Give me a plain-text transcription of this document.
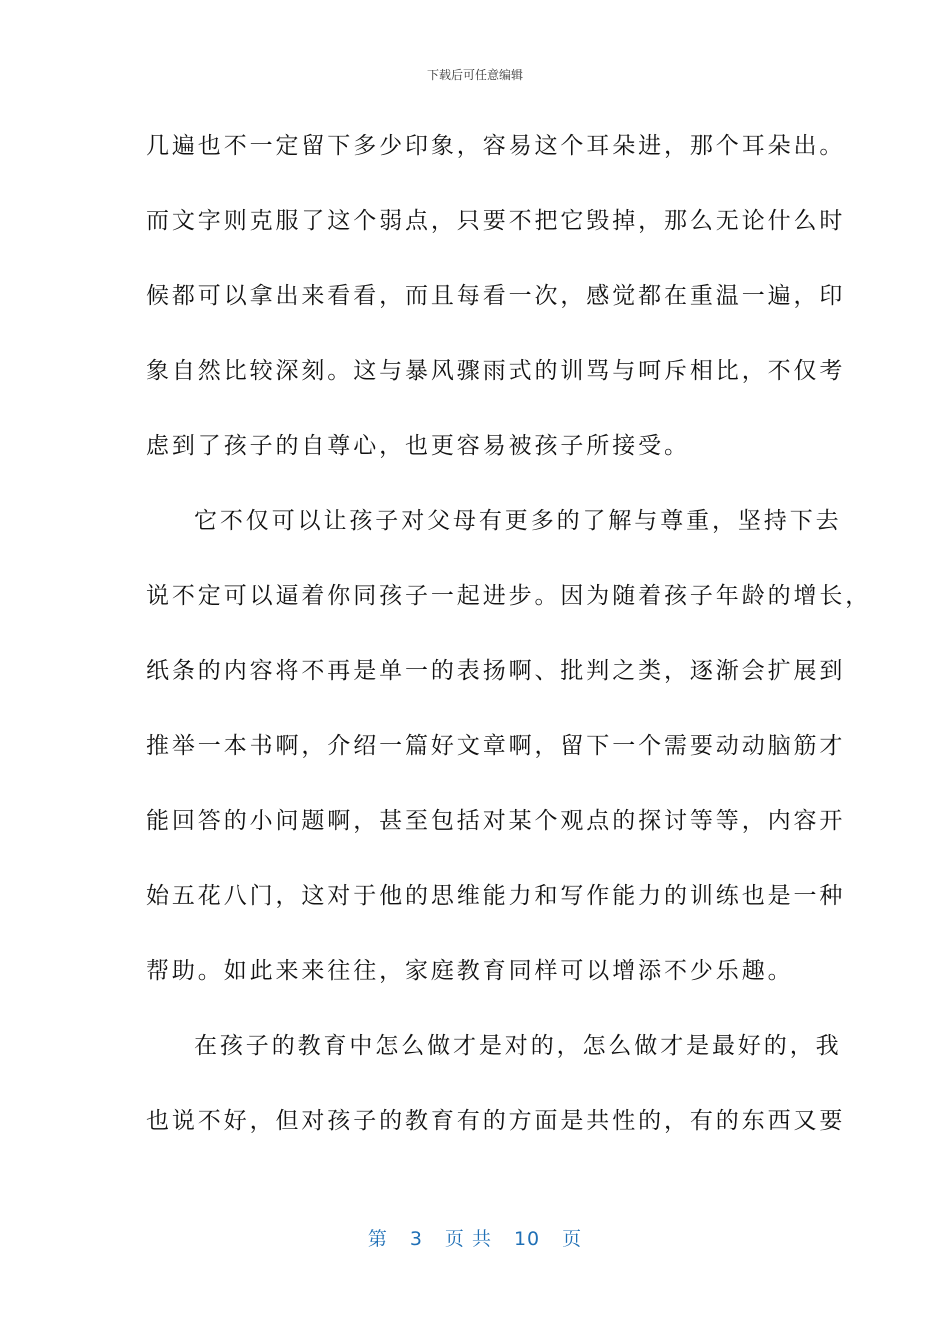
下载后可任意编辑
几遍也不一定留下多少印象，容易这个耳朵进，那个耳朵出。
而文字则克服了这个弱点，只要不把它毁掉，那么无论什么时
候都可以拿出来看看，而且每看一次，感觉都在重温一遍，印
象自然比较深刻。这与暴风骤雨式的训骂与呵斥相比，不仅考
虑到了孩子的自尊心，也更容易被孩子所接受。
它不仅可以让孩子对父母有更多的了解与尊重，坚持下去
说不定可以逼着你同孩子一起进步。因为随着孩子年龄的增长，
纸条的内容将不再是单一的表扬啊、批判之类，逐渐会扩展到
推举一本书啊，介绍一篇好文章啊，留下一个需要动动脑筋才
能回答的小问题啊，甚至包括对某个观点的探讨等等，内容开
始五花八门，这对于他的思维能力和写作能力的训练也是一种
帮助。如此来来往往，家庭教育同样可以增添不少乐趣。
在孩子的教育中怎么做才是对的，怎么做才是最好的，我
也说不好，但对孩子的教育有的方面是共性的，有的东西又要
第 3 页 共 10 页
